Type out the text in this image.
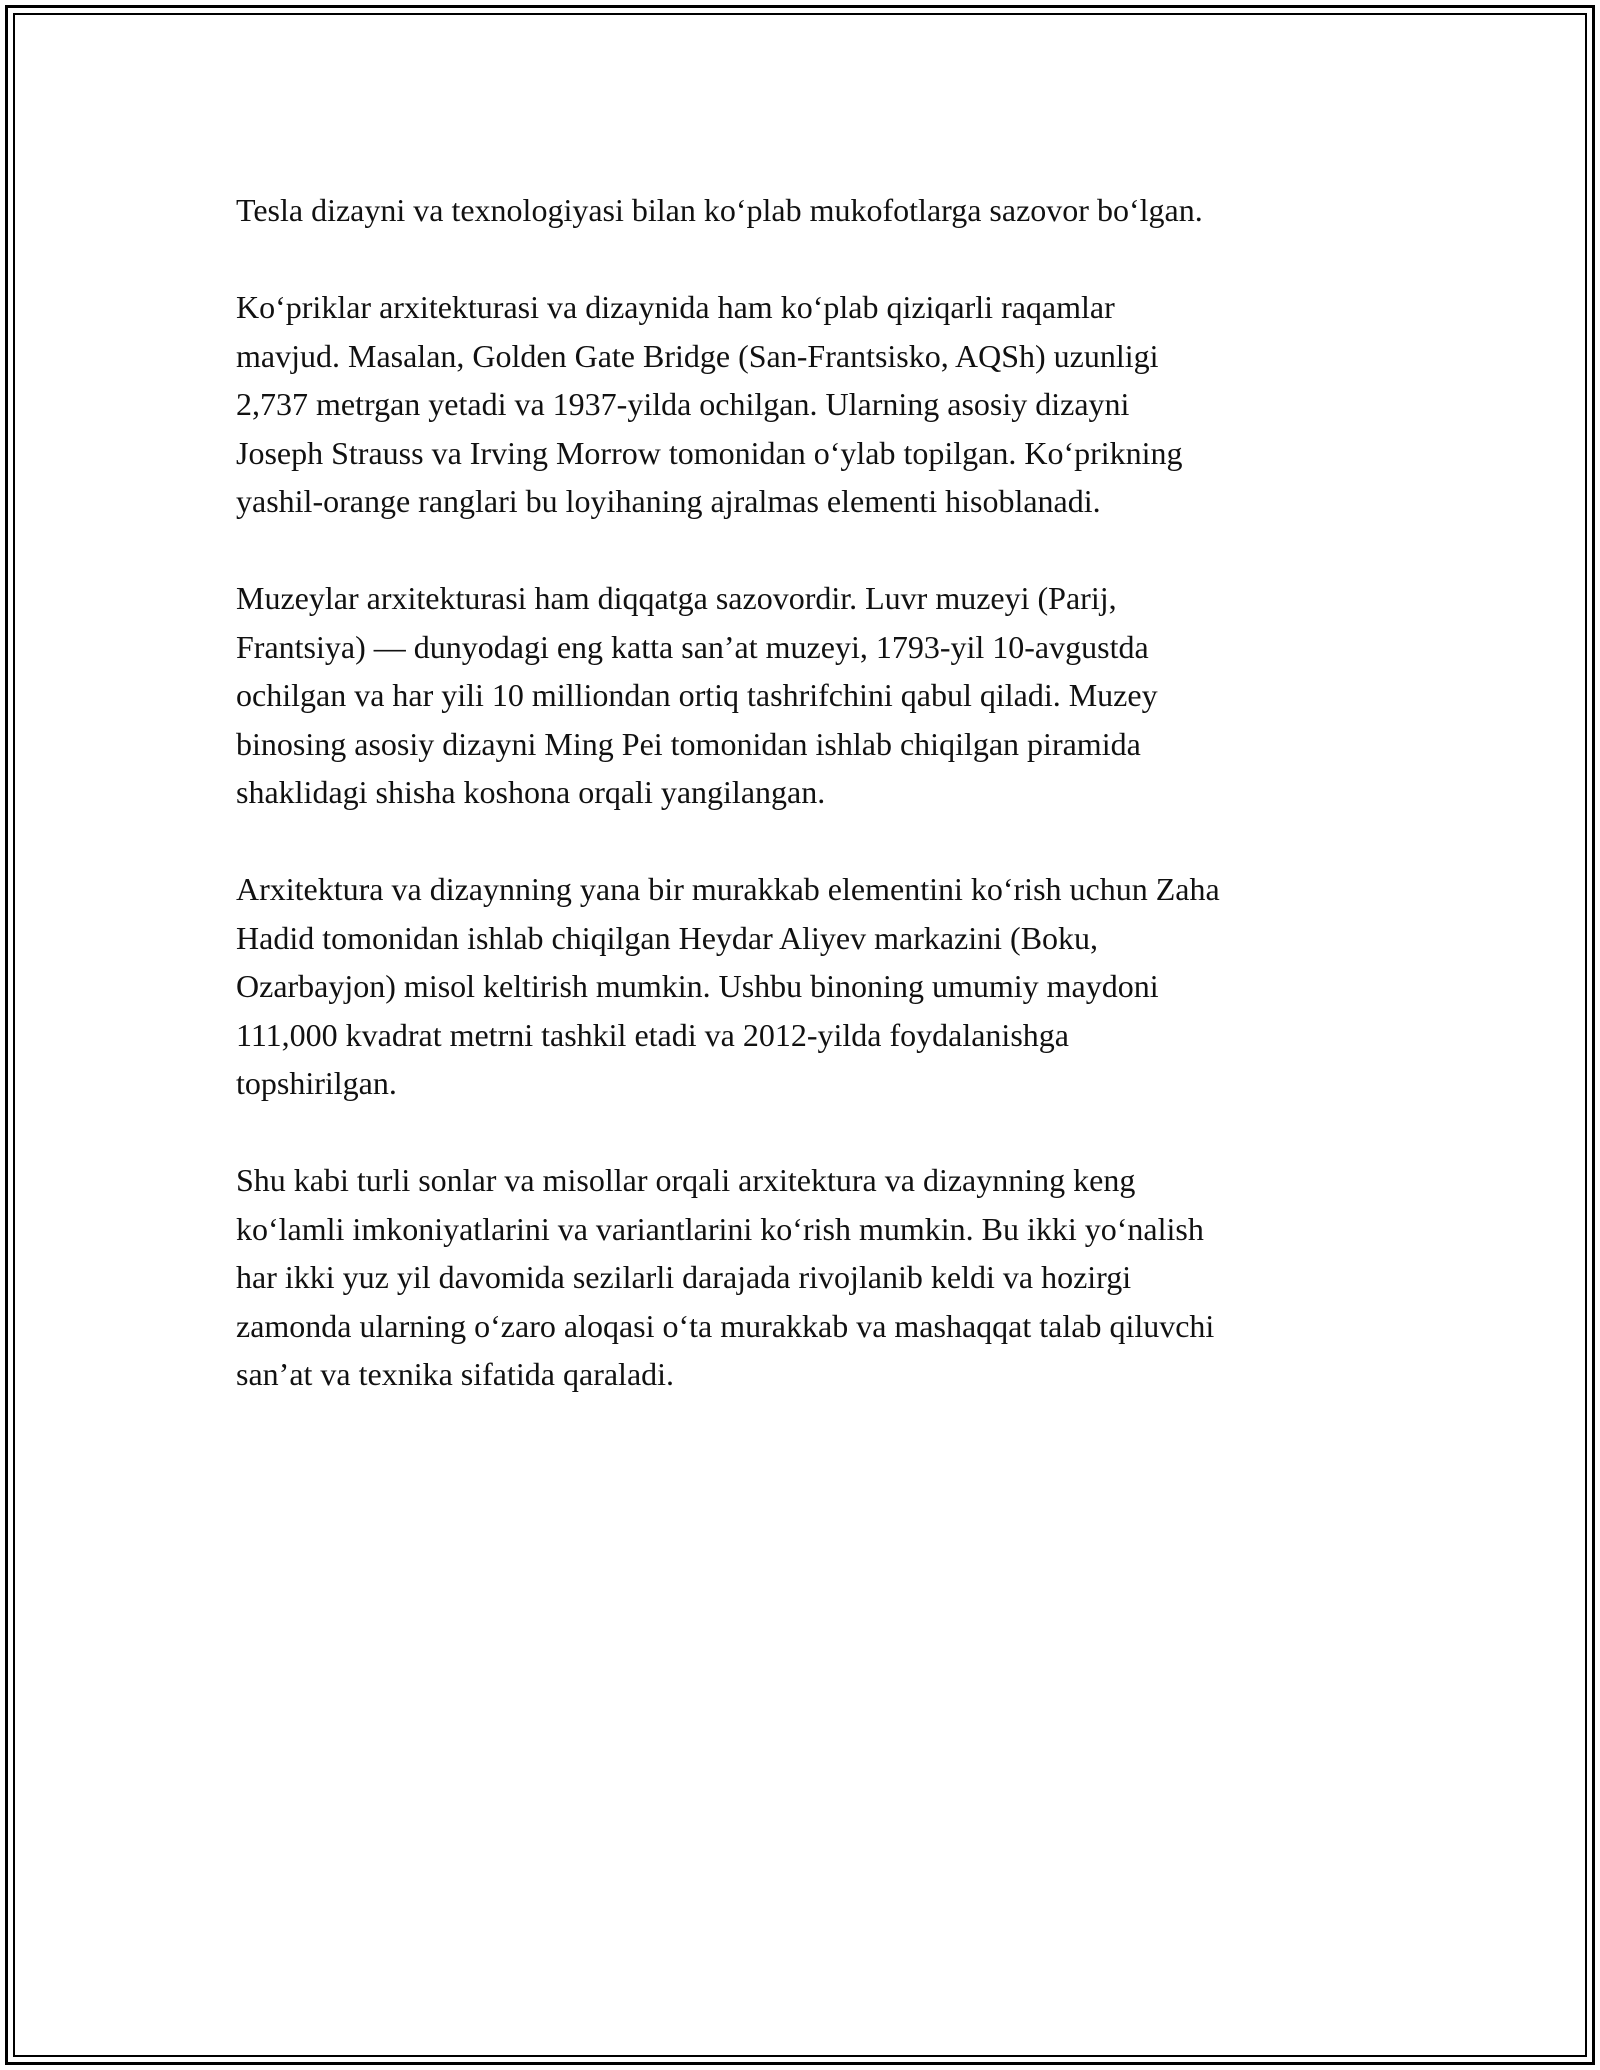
Tesla dizayni va texnologiyasi bilan ko‘plab mukofotlarga sazovor bo‘lgan.

Ko‘priklar arxitekturasi va dizaynida ham ko‘plab qiziqarli raqamlar
mavjud. Masalan, Golden Gate Bridge (San-Frantsisko, AQSh) uzunligi
2,737 metrgan yetadi va 1937-yilda ochilgan. Ularning asosiy dizayni
Joseph Strauss va Irving Morrow tomonidan o‘ylab topilgan. Ko‘prikning
yashil-orange ranglari bu loyihaning ajralmas elementi hisoblanadi.

Muzeylar arxitekturasi ham diqqatga sazovordir. Luvr muzeyi (Parij,
Frantsiya) — dunyodagi eng katta san’at muzeyi, 1793-yil 10-avgustda
ochilgan va har yili 10 milliondan ortiq tashrifchini qabul qiladi. Muzey
binosing asosiy dizayni Ming Pei tomonidan ishlab chiqilgan piramida
shaklidagi shisha koshona orqali yangilangan.

Arxitektura va dizaynning yana bir murakkab elementini ko‘rish uchun Zaha
Hadid tomonidan ishlab chiqilgan Heydar Aliyev markazini (Boku,
Ozarbayjon) misol keltirish mumkin. Ushbu binoning umumiy maydoni
111,000 kvadrat metrni tashkil etadi va 2012-yilda foydalanishga
topshirilgan.

Shu kabi turli sonlar va misollar orqali arxitektura va dizaynning keng
ko‘lamli imkoniyatlarini va variantlarini ko‘rish mumkin. Bu ikki yo‘nalish
har ikki yuz yil davomida sezilarli darajada rivojlanib keldi va hozirgi
zamonda ularning o‘zaro aloqasi o‘ta murakkab va mashaqqat talab qiluvchi
san’at va texnika sifatida qaraladi.
